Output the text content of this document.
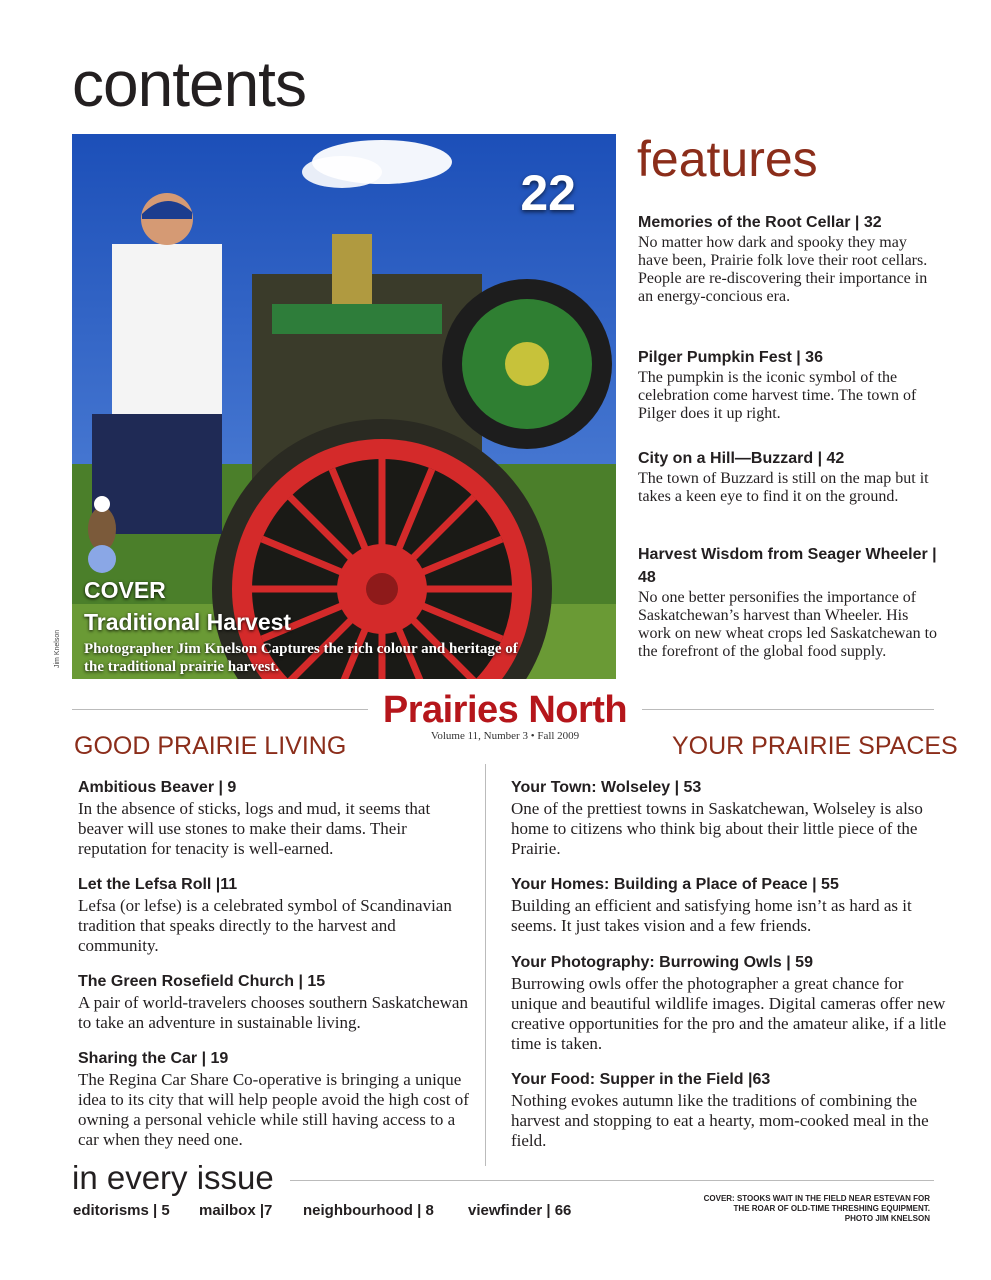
contents
22
COVER
Traditional Harvest
Photographer Jim Knelson Captures the rich colour and heritage of the traditional prairie harvest.
Jim Knelson
features
Memories of the Root Cellar | 32
No matter how dark and spooky they may have been, Prairie folk love their root cellars. People are re-discovering their importance in an energy-concious era.
Pilger Pumpkin Fest | 36
The pumpkin is the iconic symbol of the celebration come harvest time. The town of Pilger does it up right.
City on a Hill—Buzzard | 42
The town of Buzzard is still on the map but it takes a keen eye to find it on the ground.
Harvest Wisdom from Seager Wheeler | 48
No one better personifies the importance of Saskatchewan’s harvest than Wheeler. His work on new wheat crops led Saskatchewan to the forefront of the global food supply.
Prairies North
Volume 11, Number 3 • Fall 2009
GOOD PRAIRIE LIVING	YOUR PRAIRIE SPACES
Ambitious Beaver | 9
In the absence of sticks, logs and mud, it seems that beaver will use stones to make their dams. Their reputation for tenacity is well-earned.
Let the Lefsa Roll |11
Lefsa (or lefse) is a celebrated symbol of Scandinavian tradition that speaks directly to the harvest and community.
The Green Rosefield Church | 15
A pair of world-travelers chooses southern Saskatchewan to take an adventure in sustainable living.
Sharing the Car | 19
The Regina Car Share Co-operative is bringing a unique idea to its city that will help people avoid the high cost of owning a personal vehicle while still having access to a car when they need one.
Your Town: Wolseley | 53
One of the prettiest towns in Saskatchewan, Wolseley is also home to citizens who think big about their little piece of the Prairie.
Your Homes: Building a Place of Peace | 55
Building an efficient and satisfying home isn’t as hard as it seems. It just takes vision and a few friends.
Your Photography: Burrowing Owls | 59
Burrowing owls offer the photographer a great chance for unique and beautiful wildlife images. Digital cameras offer new creative opportunities for the pro and the amateur alike, if a litle time is taken.
Your Food: Supper in the Field |63
Nothing evokes autumn like the traditions of combining the harvest and stopping to eat a hearty, mom-cooked meal in the field.
in every issue
editorisms | 5 mailbox |7 neighbourhood | 8 viewfinder | 66
COVER: STOOKS WAIT IN THE FIELD NEAR ESTEVAN FOR
THE ROAR OF OLD-TIME THRESHING EQUIPMENT.
PHOTO JIM KNELSON
